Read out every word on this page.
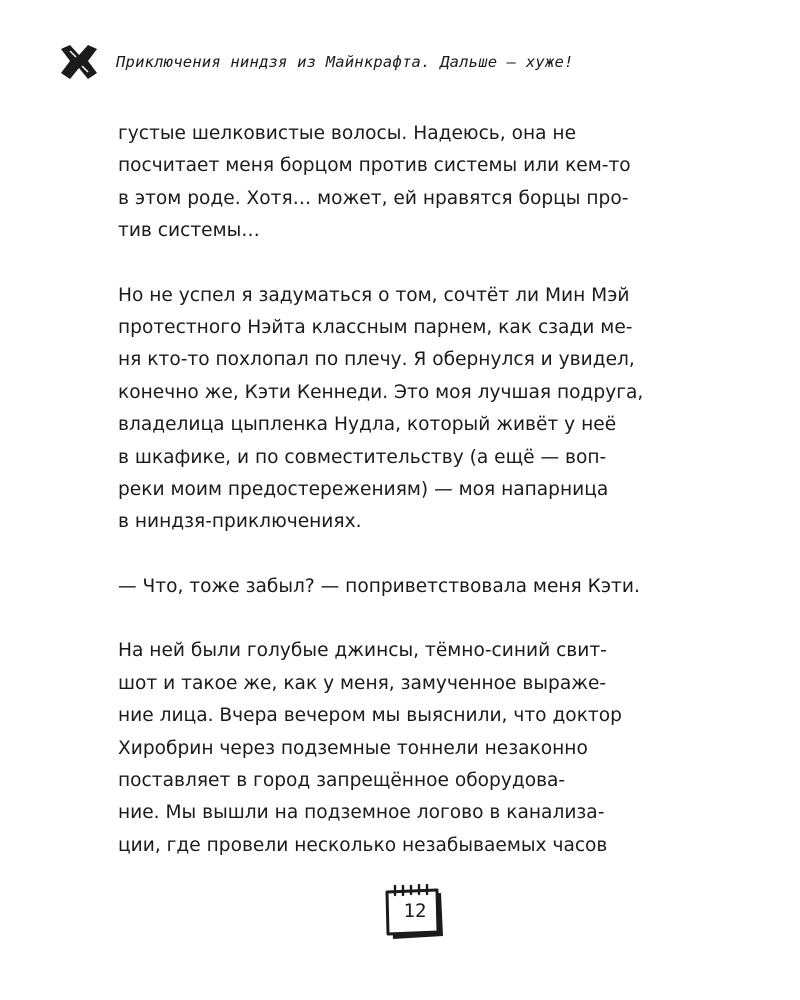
Приключения ниндзя из Майнкрафта. Дальше — хуже!

густые шелковистые волосы. Надеюсь, она не
посчитает меня борцом против системы или кем-то
в этом роде. Хотя… может, ей нравятся борцы про-
тив системы…

Но не успел я задуматься о том, сочтёт ли Мин Мэй
протестного Нэйта классным парнем, как сзади ме-
ня кто-то похлопал по плечу. Я обернулся и увидел,
конечно же, Кэти Кеннеди. Это моя лучшая подруга,
владелица цыпленка Нудла, который живёт у неё
в шкафике, и по совместительству (а ещё — воп-
реки моим предостережениям) — моя напарница
в ниндзя-приключениях.

— Что, тоже забыл? — поприветствовала меня Кэти.

На ней были голубые джинсы, тёмно-синий свит-
шот и такое же, как у меня, замученное выраже-
ние лица. Вчера вечером мы выяснили, что доктор
Хиробрин через подземные тоннели незаконно
поставляет в город запрещённое оборудова-
ние. Мы вышли на подземное логово в канализа-
ции, где провели несколько незабываемых часов

12
